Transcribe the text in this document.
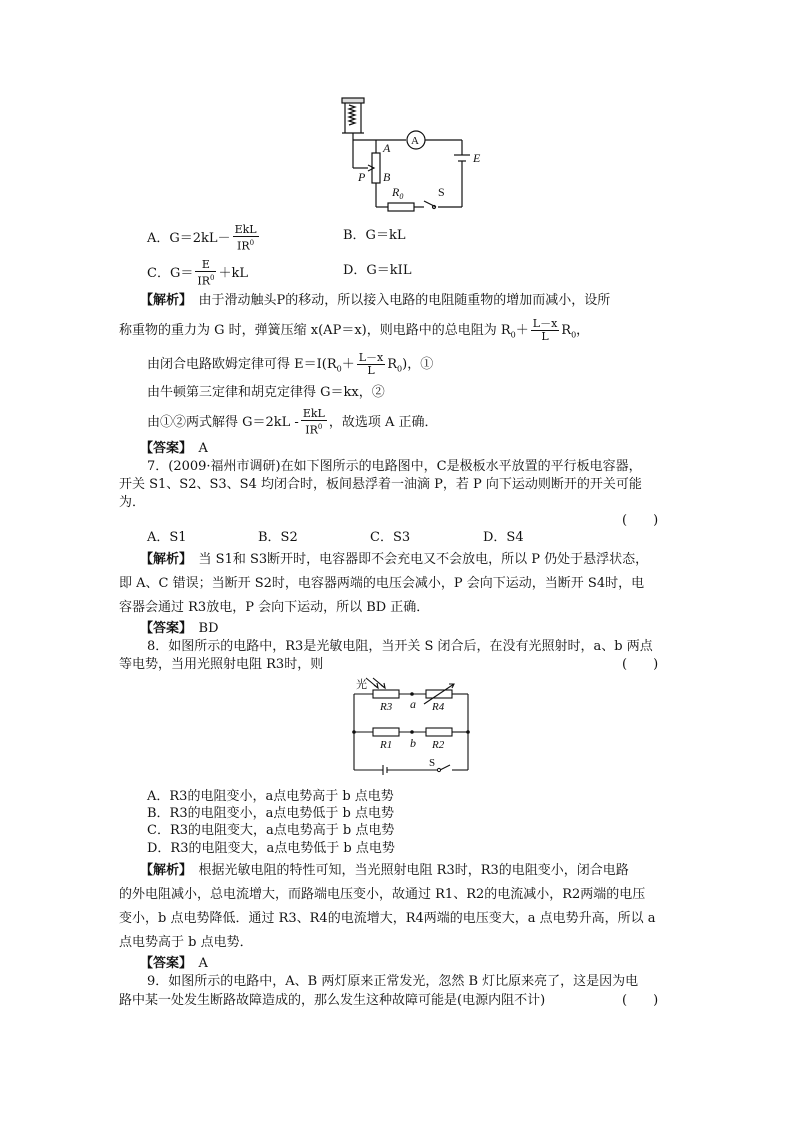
A
A
P B
$R_0$	S
E
A．$G=2kL- \frac{\text{EkL}}{IR^0}$	B．G＝kL
C．$G= \frac{E}{IR^0} +kL$	D．G＝kIL
【解析】　 由于滑动触头P的移动，所以接入电路的电阻随重物的增加而减小，设所
称重物的重力为 G 时，弹簧压缩 x(AP＝x)，则电路中的总电阻为 $R_0+ \frac{L-x}{L} R_0$，
由闭合电路欧姆定律可得 $E=I(R_0+ \frac{L-x}{L} R_0)$，①
由牛顿第三定律和胡克定律得 G＝kx，②
由①②两式解得 $G=2kL - \frac{\text{EkL}}{IR^0}$ ，故选项 A 正确．
【答案】　 A
7．(2009·福州市调研)在如下图所示的电路图中，C是极板水平放置的平行板电容器，
开关 S1、S2、S3、S4 均闭合时，板间悬浮着一油滴 P，若 P 向下运动则断开的开关可能
为．
(　　)
A．S1	B．S2	C．S3	D．S4
【解析】　 当 S1和 S3断开时，电容器即不会充电又不会放电，所以 P 仍处于悬浮状态，
即 A、C 错误；当断开 S2时，电容器两端的电压会减小，P 会向下运动，当断开 S4时，电
容器会通过 R3放电，P 会向下运动，所以 BD 正确．
【答案】　 BD
8．如图所示的电路中，R3是光敏电阻，当开关 S 闭合后，在没有光照射时，a、b 两点
等电势，当用光照射电阻 R3时，则	(　　)
光
R3 a R4
R1 b R2
S
A．R3的电阻变小，a点电势高于 b 点电势
B．R3的电阻变小，a点电势低于 b 点电势
C．R3的电阻变大，a点电势高于 b 点电势
D．R3的电阻变大，a点电势低于 b 点电势
【解析】　 根据光敏电阻的特性可知，当光照射电阻 R3时，R3的电阻变小，闭合电路
的外电阻减小，总电流增大，而路端电压变小，故通过 R1、R2的电流减小，R2两端的电压
变小，b 点电势降低．通过 R3、R4的电流增大，R4两端的电压变大，a 点电势升高，所以 a
点电势高于 b 点电势．
【答案】　 A
9．如图所示的电路中，A、B 两灯原来正常发光，忽然 B 灯比原来亮了，这是因为电
路中某一处发生断路故障造成的，那么发生这种故障可能是(电源内阻不计)	(　　)
